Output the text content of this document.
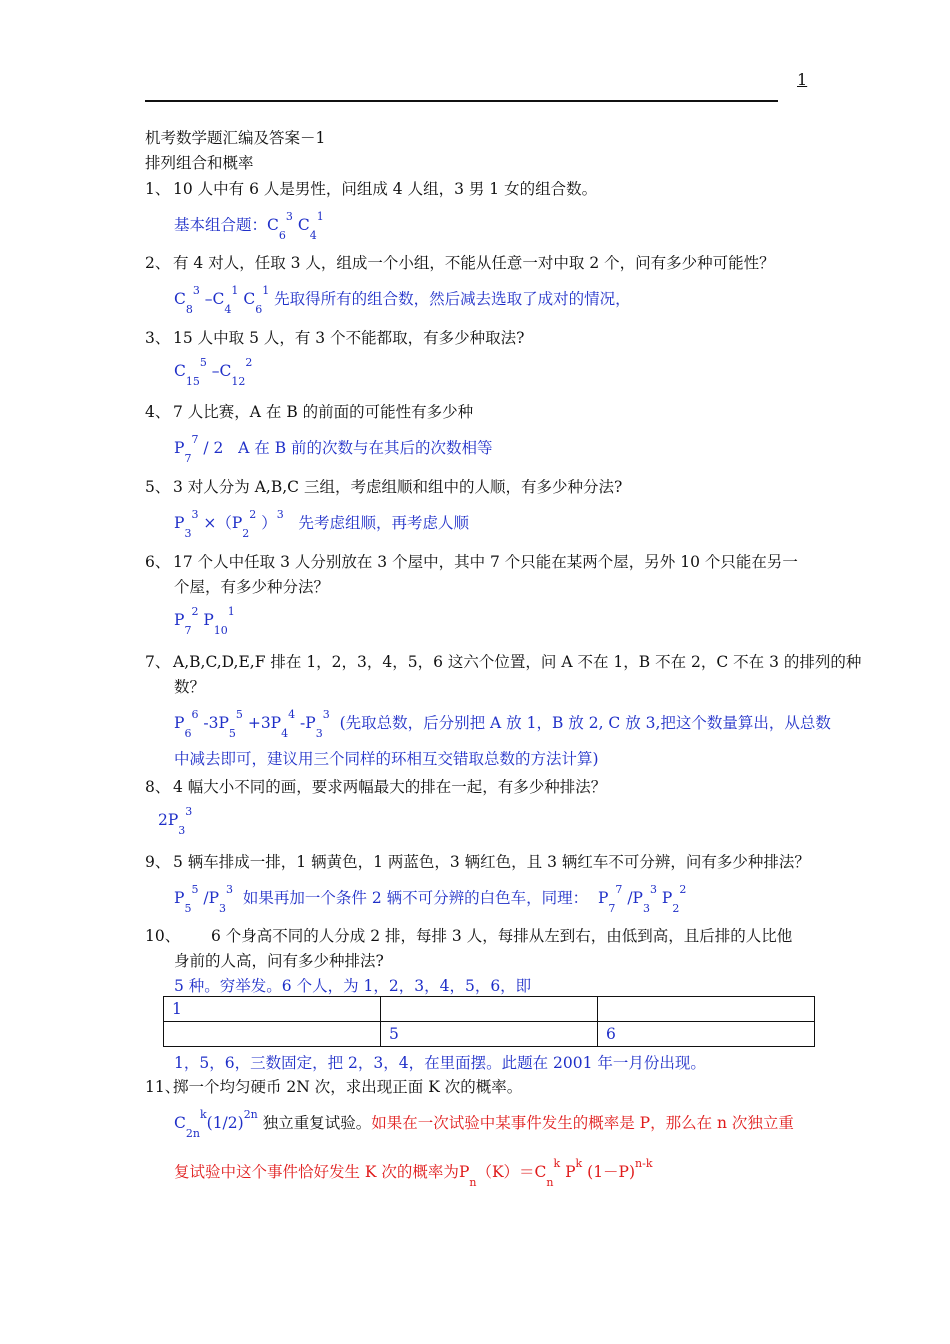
1
机考数学题汇编及答案－1
排列组合和概率
1、 10 人中有 6 人是男性，问组成 4 人组，3 男 1 女的组合数。
基本组合题：$C_6^3$ $C_4^1$
2、 有 4 对人，任取 3 人，组成一个小组，不能从任意一对中取 2 个，问有多少种可能性？
$C_8^3$ $-C_4^1$ $C_6^1$ 先取得所有的组合数，然后减去选取了成对的情况，
3、 15 人中取 5 人，有 3 个不能都取，有多少种取法?
$C_{15}^5$ $-C_{12}^2$
4、 7 人比赛，A 在 B 的前面的可能性有多少种
$P_7^7 / 2$ A 在 B 前的次数与在其后的次数相等
5、 3 对人分为 A,B,C 三组，考虑组顺和组中的人顺，有多少种分法?
$P_3^3 \times(P_2^2$ ）$^3$ 先考虑组顺，再考虑人顺
6、 17 个人中任取 3 人分别放在 3 个屋中，其中 7 个只能在某两个屋，另外 10 个只能在另一
个屋，有多少种分法？
$P_7^2$ $P_{10}^1$
7、 A,B,C,D,E,F 排在 1，2，3，4，5，6 这六个位置，问 A 不在 1，B 不在 2，C 不在 3 的排列的种
数？
$P_6^6$ $-3P_5^5 +3P_4^4$ $-P_3^3$ (先取总数，后分别把 A 放 1，B 放 2, C 放 3,把这个数量算出，从总数
中减去即可，建议用三个同样的环相互交错取总数的方法计算)
8、 4 幅大小不同的画，要求两幅最大的排在一起，有多少种排法？
$2P_3^3$
9、 5 辆车排成一排，1 辆黄色，1 两蓝色，3 辆红色，且 3 辆红车不可分辨，问有多少种排法？
$P_5^5$ $/P_3^3$ 如果再加一个条件 2 辆不可分辨的白色车，同理： $P_7^7$ $/P_3^3$ $P_2^2$
10、 6 个身高不同的人分成 2 排，每排 3 人，每排从左到右，由低到高，且后排的人比他
身前的人高，问有多少种排法?
5 种。穷举发。6 个人，为 1，2，3，4，5，6，即
1		
	5	6
1，5，6，三数固定，把 2，3，4，在里面摆。此题在 2001 年一月份出现。
11、掷一个均匀硬币 2N 次，求出现正面 K 次的概率。
$C_{2n}^k(1/2)^{2n}$ 独立重复试验。如果在一次试验中某事件发生的概率是 P，那么在 n 次独立重
复试验中这个事件恰好发生 K 次的概率为$P_n(K)=C_n^k$ $P^k$ $(1-P)^{n-k}$
